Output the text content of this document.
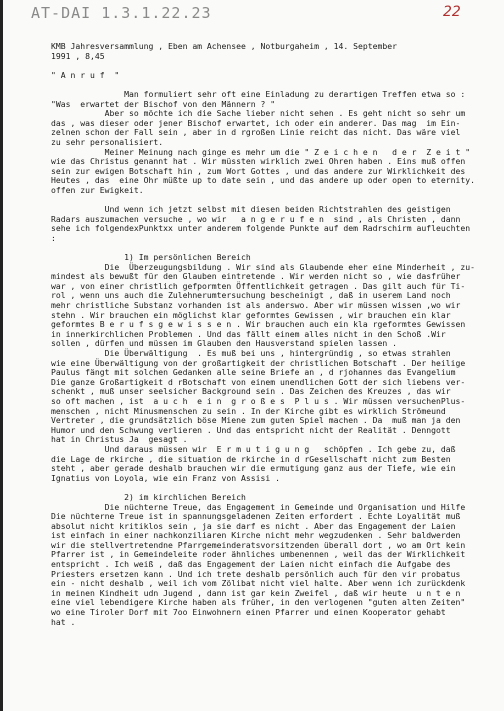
AT-DAI 1.3.1.22.23	22
KMB Jahresversammlung , Eben am Achensee , Notburgaheim , 14. September
1991 , 8,45
" A n r u f  "
Man formuliert sehr oft eine Einladung zu derartigen Treffen etwa so :
"Was  erwartet der Bischof von den Männern ? "
Aber so möchte ich die Sache lieber nicht sehen . Es geht nicht so sehr um
das , was dieser oder jener Bischof erwartet, ich oder ein anderer. Das mag  im Ein-
zelnen schon der Fall sein , aber in d rgroßen Linie reicht das nicht. Das wäre viel
zu sehr personalisiert.
Meiner Meinung nach ginge es mehr um die " Z e i c h e n   d e r  Z e i t "
wie das Christus genannt hat . Wir müssten wirklich zwei Ohren haben . Eins muß offen
sein zur ewigen Botschaft hin , zum Wort Gottes , und das andere zur Wirklichkeit des
Heutes , das  eine Ohr müßte up to date sein , und das andere up oder open to eternity.
offen zur Ewigkeit.
Und wenn ich jetzt selbst mit diesen beiden Richtstrahlen des geistigen
Radars auszumachen versuche , wo wir   a n g e r u f e n  sind , als Christen , dann
sehe ich folgendexPunktxx unter anderem folgende Punkte auf dem Radrschirm aufleuchten
:
1) Im persönlichen Bereich
Die  Überzeugungsbildung . Wir sind als Glaubende eher eine Minderheit , zu-
mindest als bewußt für den Glauben eintretende . Wir werden nicht so , wie dasfrüher
war , von einer christlich gefpormten Öffentlichkeit getragen . Das gilt auch für Ti-
rol , wenn uns auch die Zulehnerumtersuchung bescheinigt , daß in userem Land noch
mehr christliche Substanz vorhanden ist als anderswo. Aber wir müssen wissen ,wo wir
stehn . Wir brauchen ein möglichst klar geformtes Gewissen , wir brauchen ein klar
geformtes B e r u f s g e w i s s e n . Wir brauchen auch ein kla rgeformtes Gewissen
in innerkirchlichen Problemen . Und das fällt einem alles nicht in den Schoß .Wir
sollen , dürfen und müssen im Glauben den Hausverstand spielen lassen .
Die Überwältigung  . Es muß bei uns , hintergründig , so etwas strahlen
wie eine Überwältigung von der großartigkeit der christlichen Botschaft . Der heilige
Paulus fängt mit solchen Gedanken alle seine Briefe an , d rjohannes das Evangelium
Die ganze Großartigkeit d rBotschaft von einem unendlichen Gott der sich liebens ver-
schenkt , muß unser seelsicher Background sein . Das Zeichen des Kreuzes , das wir
so oft machen , ist  a u c h  e i n  g r o ß e s  P l u s . Wir müssen versuchenPlus-
menschen , nicht Minusmenschen zu sein . In der Kirche gibt es wirklich Strömeund
Vertreter , die grundsätzlich böse Miene zum guten Spiel machen . Da  muß man ja den
Humor und den Schwung verlieren . Und das entspricht nicht der Realität . Denngott
hat in Christus Ja  gesagt .
Und daraus müssen wir  E r m u t i g u n g   schöpfen . Ich gebe zu, daß
die Lage de rkirche , die situation de rkirche in d rGesellschaft nicht zum Besten
steht , aber gerade deshalb brauchen wir die ermutigung ganz aus der Tiefe, wie ein
Ignatius von Loyola, wie ein Franz von Assisi .
2) im kirchlichen Bereich
Die nüchterne Treue, das Engagement in Gemeinde und Organisation und Hilfe
Die nüchterne Treue ist in spannungsgeladenen Zeiten erfordert . Echte Loyalität muß
absolut nicht kritiklos sein , ja sie darf es nicht . Aber das Engagement der Laien
ist einfach in einer nachkonziliaren Kirche nicht mehr wegzudenken . Sehr baldwerden
wir die stellvertretendne Pfarrgemeinderatsvorsitzenden überall dort , wo am Ort kein
Pfarrer ist , in Gemeindeleite roder ähnliches umbenennen , weil das der Wirklichkeit
entspricht . Ich weiß , daß das Engagement der Laien nicht einfach die Aufgabe des
Priesters ersetzen kann . Und ich trete deshalb persönlich auch für den vir probatus
ein - nicht deshalb , weil ich vom Zölibat nicht viel halte. Aber wenn ich zurückdenk
in meinen Kindheit udn Jugend , dann ist gar kein Zweifel , daß wir heute  u n t e n
eine viel lebendigere Kirche haben als früher, in den verlogenen "guten alten Zeiten"
wo eine Tiroler Dorf mit 7oo Einwohnern einen Pfarrer und einen Kooperator gehabt
hat .
